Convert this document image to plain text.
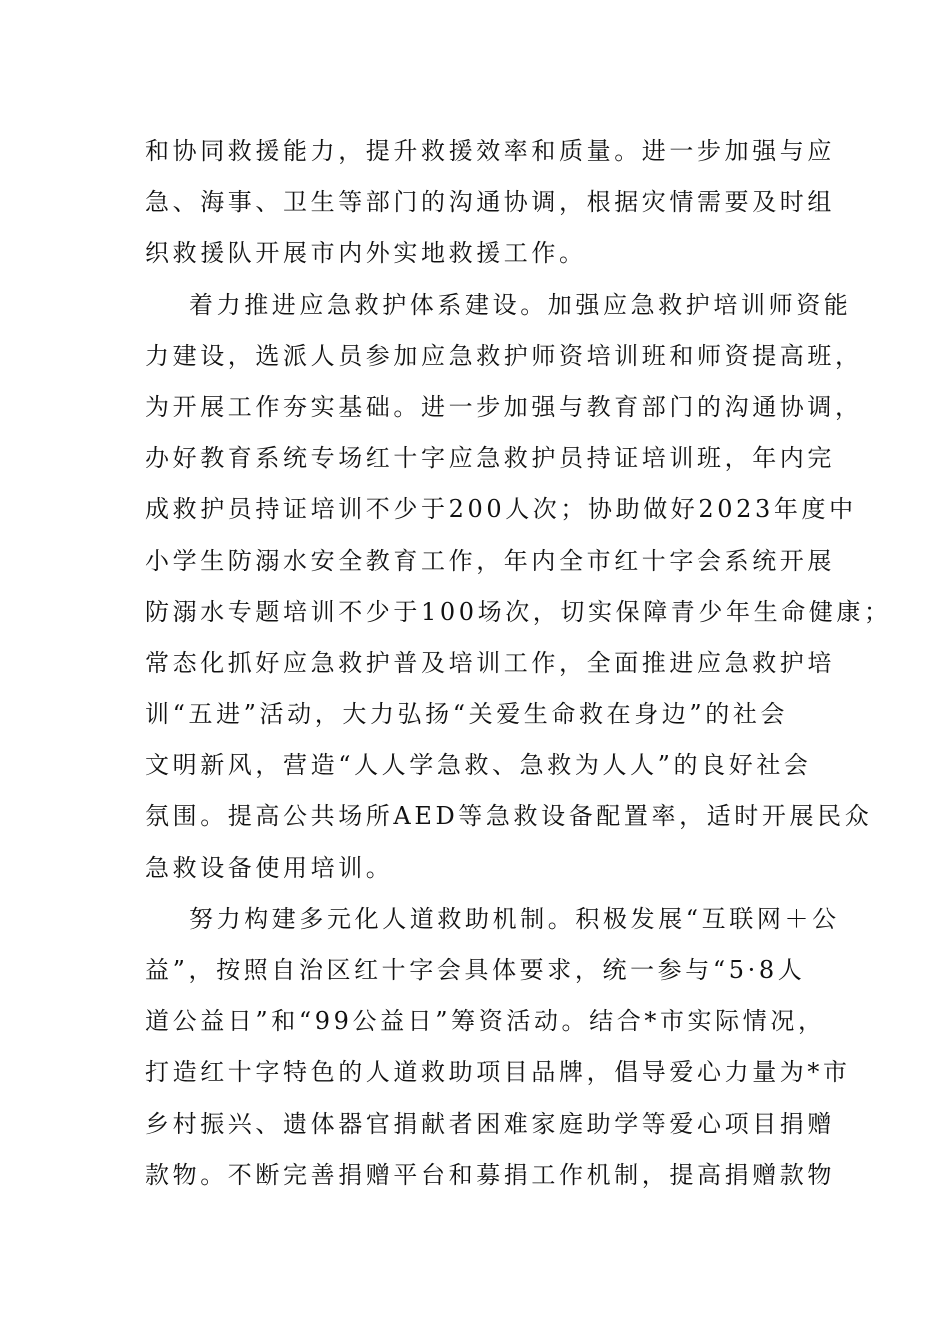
和协同救援能力，提升救援效率和质量。进一步加强与应
急、海事、卫生等部门的沟通协调，根据灾情需要及时组
织救援队开展市内外实地救援工作。
着力推进应急救护体系建设。加强应急救护培训师资能
力建设，选派人员参加应急救护师资培训班和师资提高班，
为开展工作夯实基础。进一步加强与教育部门的沟通协调，
办好教育系统专场红十字应急救护员持证培训班，年内完
成救护员持证培训不少于200人次；协助做好2023年度中
小学生防溺水安全教育工作，年内全市红十字会系统开展
防溺水专题培训不少于100场次，切实保障青少年生命健康；
常态化抓好应急救护普及培训工作，全面推进应急救护培
训“五进”活动，大力弘扬“关爱生命救在身边”的社会
文明新风，营造“人人学急救、急救为人人”的良好社会
氛围。提高公共场所AED等急救设备配置率，适时开展民众
急救设备使用培训。
努力构建多元化人道救助机制。积极发展“互联网＋公
益”，按照自治区红十字会具体要求，统一参与“5·8人
道公益日”和“99公益日”筹资活动。结合*市实际情况，
打造红十字特色的人道救助项目品牌，倡导爱心力量为*市
乡村振兴、遗体器官捐献者困难家庭助学等爱心项目捐赠
款物。不断完善捐赠平台和募捐工作机制，提高捐赠款物
